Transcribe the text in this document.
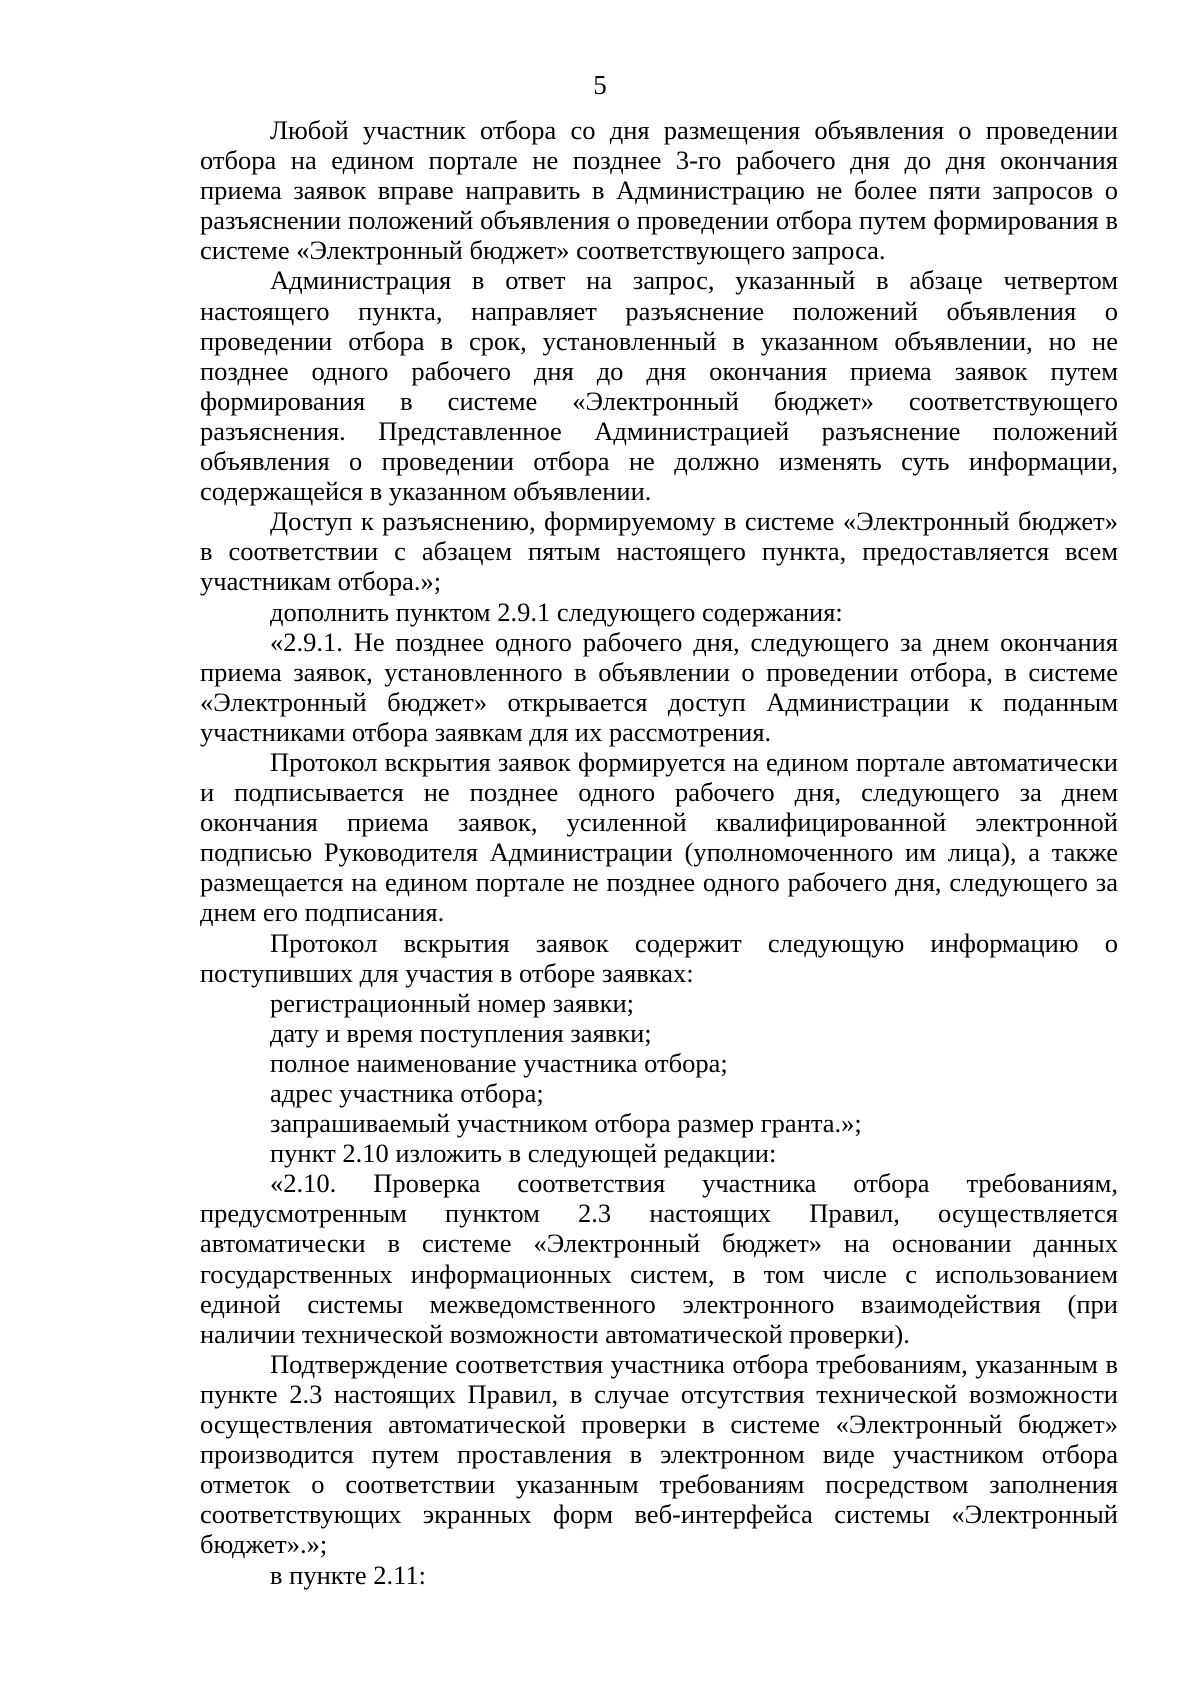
5

Любой участник отбора со дня размещения объявления о проведении отбора на едином портале не позднее 3-го рабочего дня до дня окончания приема заявок вправе направить в Администрацию не более пяти запросов о разъяснении положений объявления о проведении отбора путем формирования в системе «Электронный бюджет» соответствующего запроса.

Администрация в ответ на запрос, указанный в абзаце четвертом настоящего пункта, направляет разъяснение положений объявления о проведении отбора в срок, установленный в указанном объявлении, но не позднее одного рабочего дня до дня окончания приема заявок путем формирования в системе «Электронный бюджет» соответствующего разъяснения. Представленное Администрацией разъяснение положений объявления о проведении отбора не должно изменять суть информации, содержащейся в указанном объявлении.

Доступ к разъяснению, формируемому в системе «Электронный бюджет» в соответствии с абзацем пятым настоящего пункта, предоставляется всем участникам отбора.»;

дополнить пунктом 2.9.1 следующего содержания:

«2.9.1. Не позднее одного рабочего дня, следующего за днем окончания приема заявок, установленного в объявлении о проведении отбора, в системе «Электронный бюджет» открывается доступ Администрации к поданным участниками отбора заявкам для их рассмотрения.

Протокол вскрытия заявок формируется на едином портале автоматически и подписывается не позднее одного рабочего дня, следующего за днем окончания приема заявок, усиленной квалифицированной электронной подписью Руководителя Администрации (уполномоченного им лица), а также размещается на едином портале не позднее одного рабочего дня, следующего за днем его подписания.

Протокол вскрытия заявок содержит следующую информацию о поступивших для участия в отборе заявках:

регистрационный номер заявки;

дату и время поступления заявки;

полное наименование участника отбора;

адрес участника отбора;

запрашиваемый участником отбора размер гранта.»;

пункт 2.10 изложить в следующей редакции:

«2.10. Проверка соответствия участника отбора требованиям, предусмотренным пунктом 2.3 настоящих Правил, осуществляется автоматически в системе «Электронный бюджет» на основании данных государственных информационных систем, в том числе с использованием единой системы межведомственного электронного взаимодействия (при наличии технической возможности автоматической проверки).

Подтверждение соответствия участника отбора требованиям, указанным в пункте 2.3 настоящих Правил, в случае отсутствия технической возможности осуществления автоматической проверки в системе «Электронный бюджет» производится путем проставления в электронном виде участником отбора отметок о соответствии указанным требованиям посредством заполнения соответствующих экранных форм веб-интерфейса системы «Электронный бюджет».»;

в пункте 2.11:
